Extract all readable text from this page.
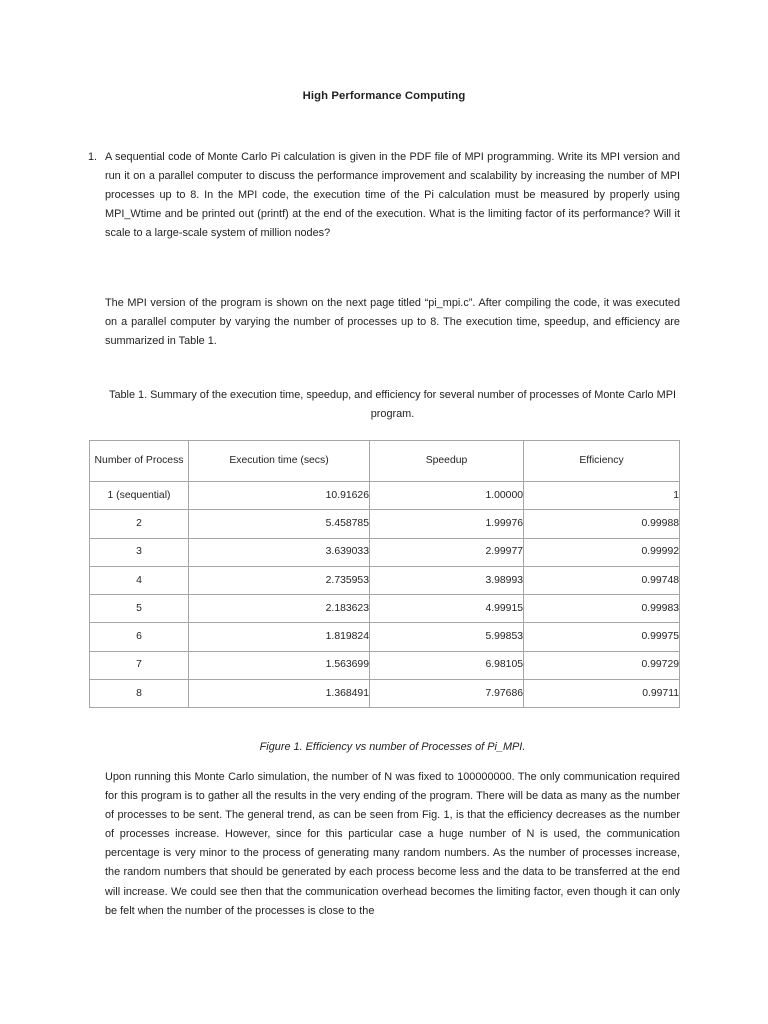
High Performance Computing
1. A sequential code of Monte Carlo Pi calculation is given in the PDF file of MPI programming. Write its MPI version and run it on a parallel computer to discuss the performance improvement and scalability by increasing the number of MPI processes up to 8. In the MPI code, the execution time of the Pi calculation must be measured by properly using MPI_Wtime and be printed out (printf) at the end of the execution. What is the limiting factor of its performance? Will it scale to a large-scale system of million nodes?
The MPI version of the program is shown on the next page titled “pi_mpi.c”. After compiling the code, it was executed on a parallel computer by varying the number of processes up to 8. The execution time, speedup, and efficiency are summarized in Table 1.
Table 1. Summary of the execution time, speedup, and efficiency for several number of processes of Monte Carlo MPI program.
Number of Process	Execution time (secs)	Speedup	Efficiency
1 (sequential)	10.91626	1.00000	1
2	5.458785	1.99976	0.99988
3	3.639033	2.99977	0.99992
4	2.735953	3.98993	0.99748
5	2.183623	4.99915	0.99983
6	1.819824	5.99853	0.99975
7	1.563699	6.98105	0.99729
8	1.368491	7.97686	0.99711
Figure 1. Efficiency vs number of Processes of Pi_MPI.
Upon running this Monte Carlo simulation, the number of N was fixed to 100000000. The only communication required for this program is to gather all the results in the very ending of the program. There will be data as many as the number of processes to be sent. The general trend, as can be seen from Fig. 1, is that the efficiency decreases as the number of processes increase. However, since for this particular case a huge number of N is used, the communication percentage is very minor to the process of generating many random numbers. As the number of processes increase, the random numbers that should be generated by each process become less and the data to be transferred at the end will increase. We could see then that the communication overhead becomes the limiting factor, even though it can only be felt when the number of the processes is close to the
